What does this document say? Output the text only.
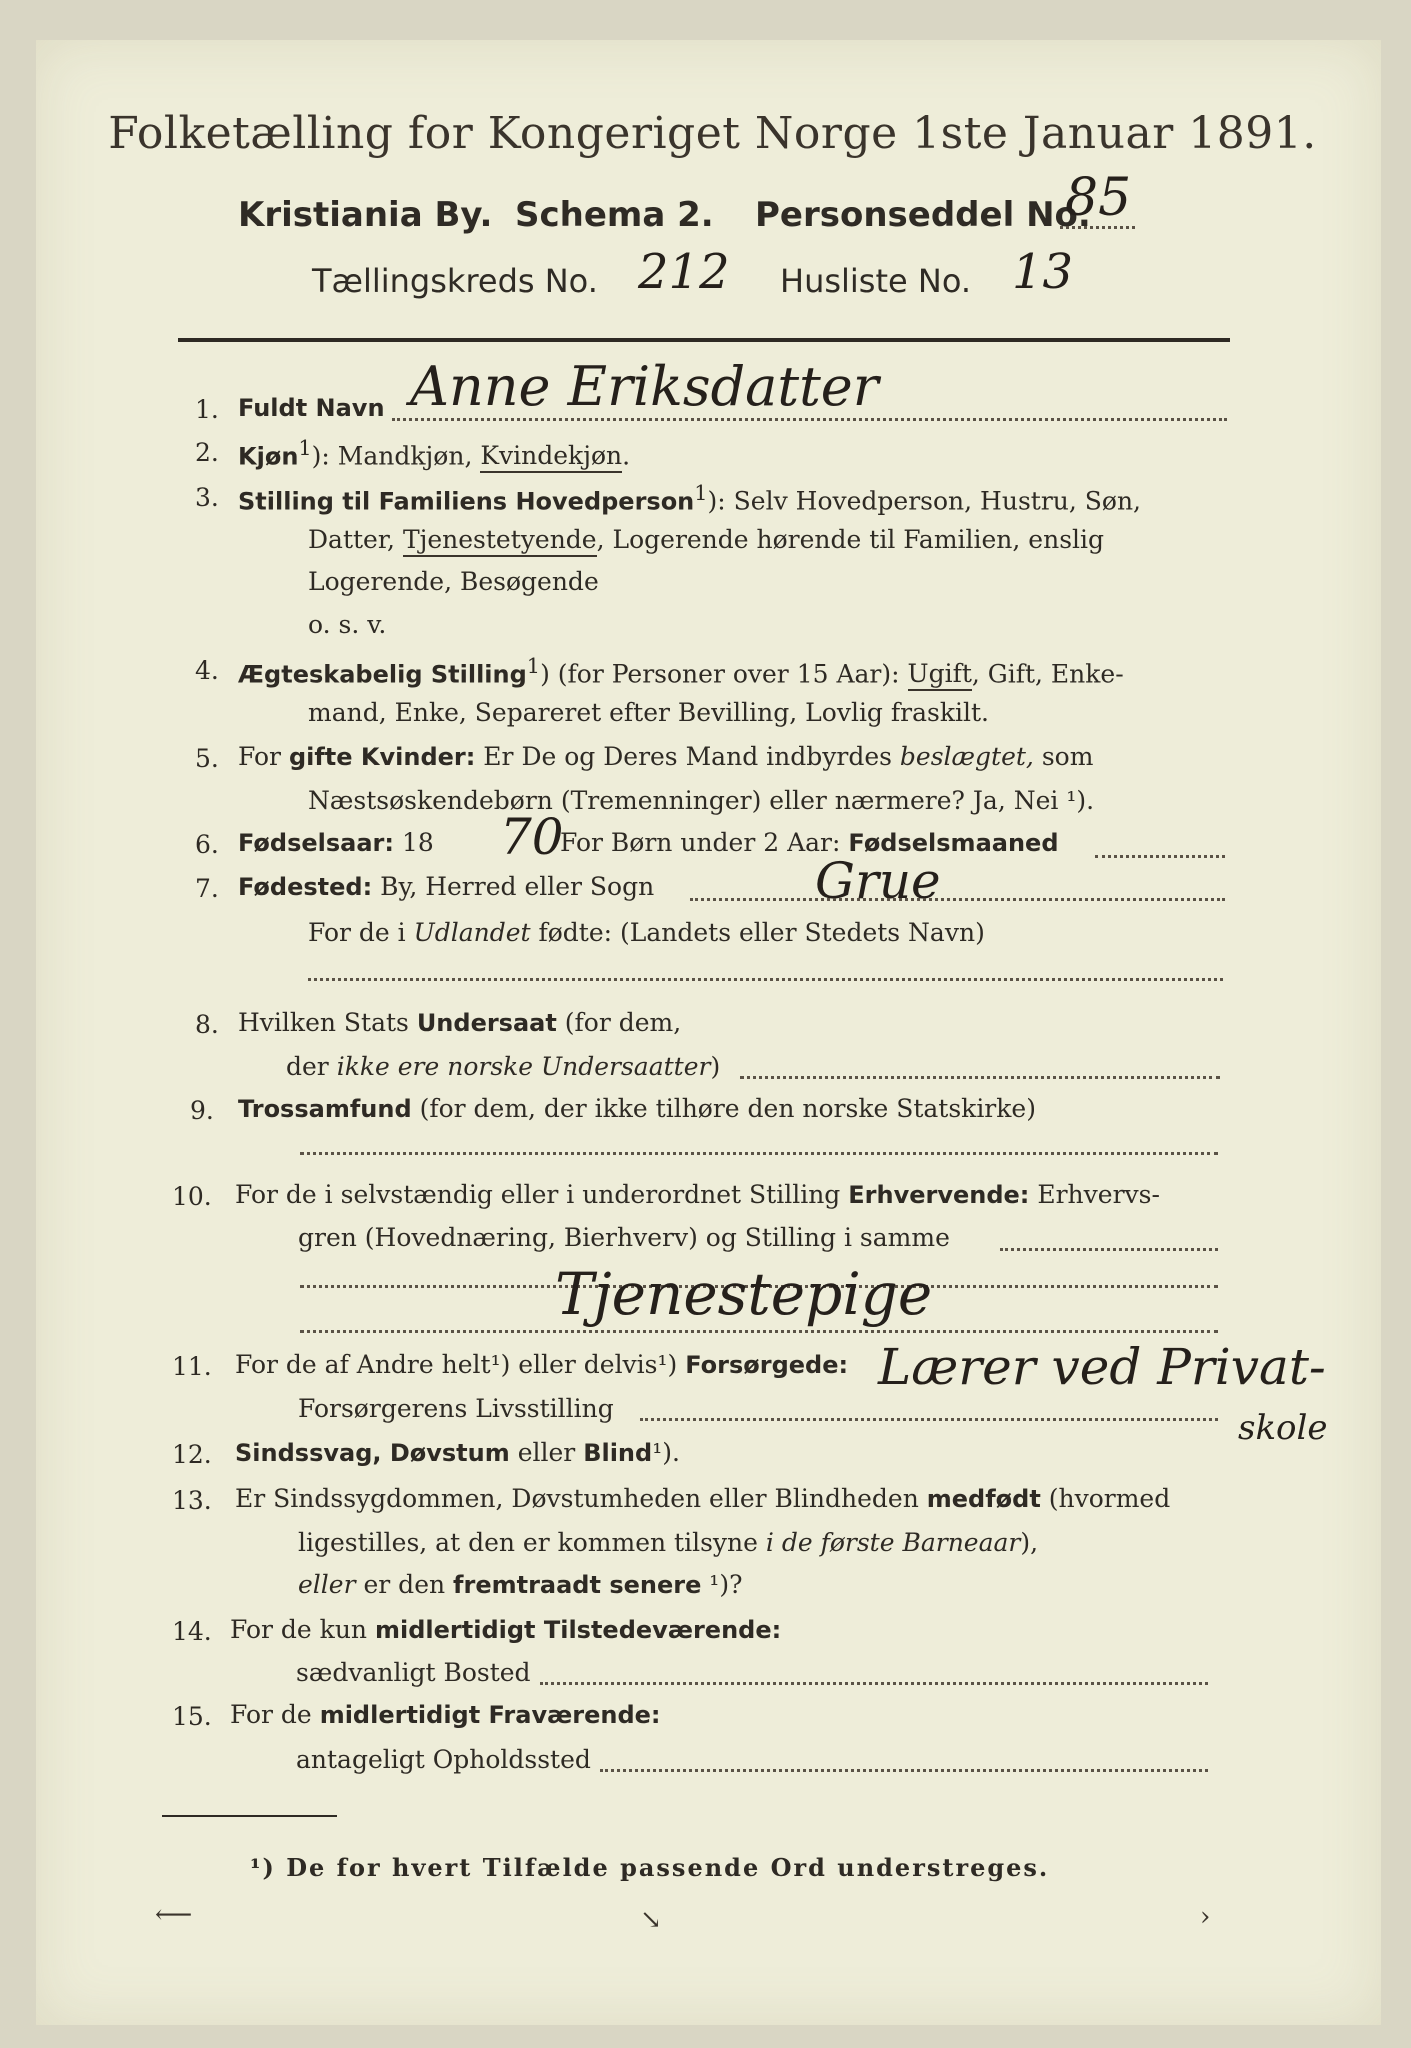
Folketælling for Kongeriget Norge 1ste Januar 1891.
Kristiania By. Schema 2. Personseddel No.
85
Tællingskreds No. 212 Husliste No. 13
1. Fuldt Navn Anne Eriksdatter
2. Kjøn$^1$): Mandkjøn, Kvindekjøn.
3. Stilling til Familiens Hovedperson$^1$): Selv Hovedperson, Hustru, Søn,
Datter, Tjenestetyende, Logerende hørende til Familien, enslig
Logerende, Besøgende
o. s. v.
4. Ægteskabelig Stilling$^1$) (for Personer over 15 Aar): Ugift, Gift, Enke-
mand, Enke, Separeret efter Bevilling, Lovlig fraskilt.
5. For gifte Kvinder: Er De og Deres Mand indbyrdes beslægtet, som
Næstsøskendebørn (Tremenninger) eller nærmere? Ja, Nei ¹).
6. Fødselsaar: 18 70
For Børn under 2 Aar: Fødselsmaaned
7. Fødested: By, Herred eller Sogn	Grue
For de i Udlandet fødte: (Landets eller Stedets Navn)
8. Hvilken Stats Undersaat (for dem,
der ikke ere norske Undersaatter)
9. Trossamfund (for dem, der ikke tilhøre den norske Statskirke)
10. For de i selvstændig eller i underordnet Stilling Erhvervende: Erhvervs-
gren (Hovednæring, Bierhverv) og Stilling i samme
Tjenestepige
11. For de af Andre helt¹) eller delvis¹) Forsørgede:
Forsørgerens Livsstilling
Lærer ved Privat-
skole
12. Sindssvag, Døvstum eller Blind¹).
13. Er Sindssygdommen, Døvstumheden eller Blindheden medfødt (hvormed
ligestilles, at den er kommen tilsyne i de første Barneaar),
eller er den fremtraadt senere ¹)?
14. For de kun midlertidigt Tilstedeværende:
sædvanligt Bosted
15. For de midlertidigt Fraværende:
antageligt Opholdssted
¹) De for hvert Tilfælde passende Ord understreges.
⟵	↘	›
